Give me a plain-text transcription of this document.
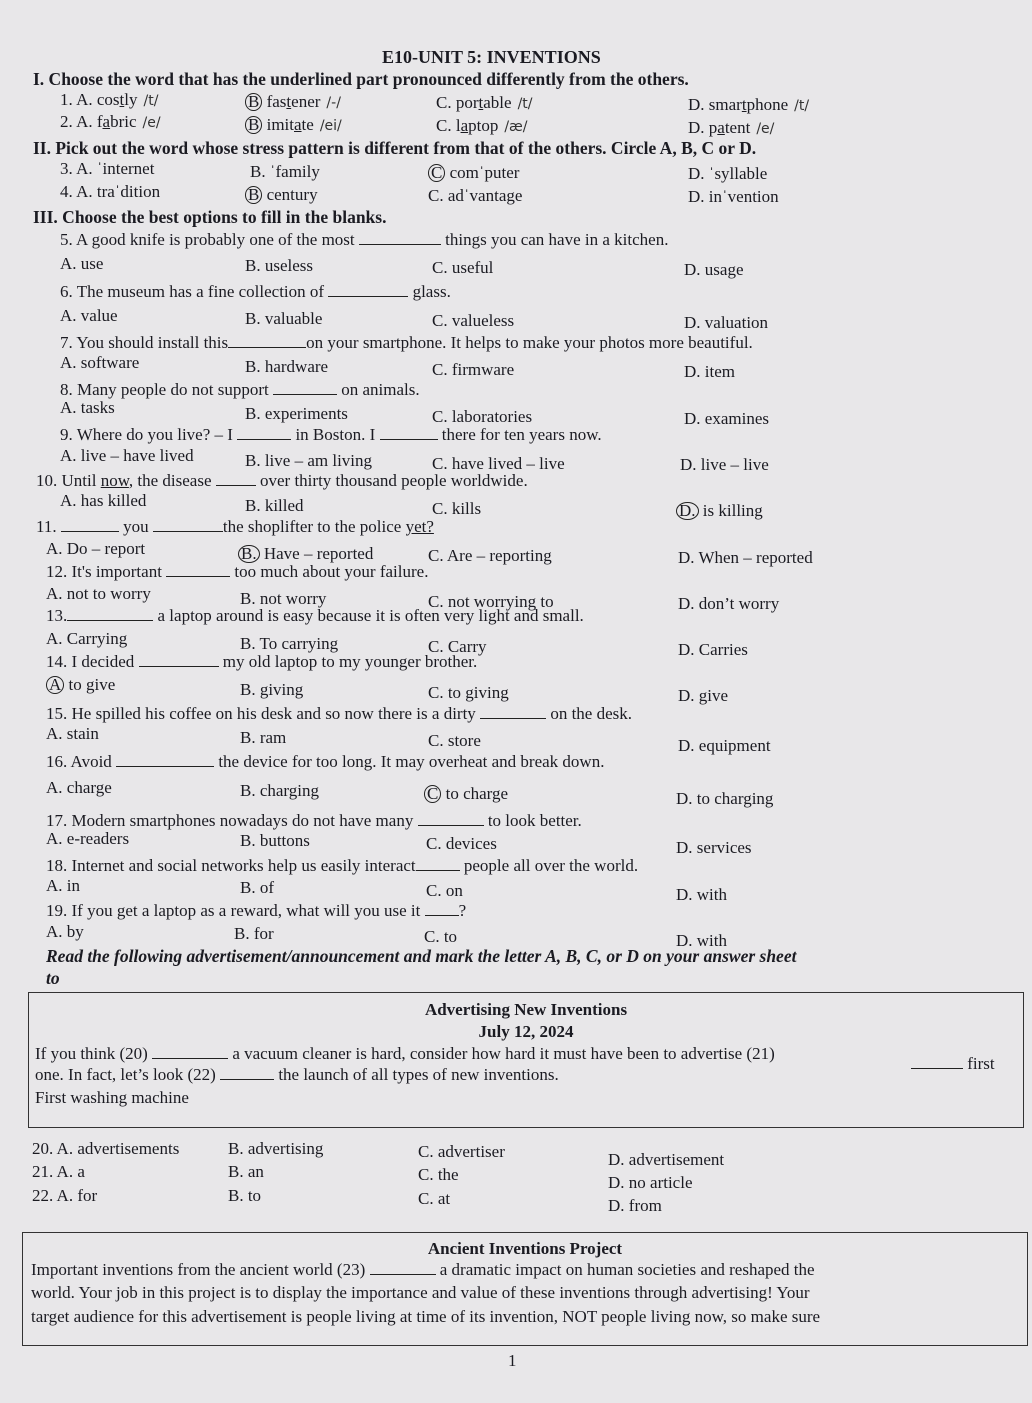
E10-UNIT 5: INVENTIONS
I. Choose the word that has the underlined part pronounced differently from the others.
1. A. costly /t/	B fastener /-/	C. portable /t/	D. smartphone /t/
2. A. fabric /e/	B imitate /ei/	C. laptop /æ/	D. patent /e/
II. Pick out the word whose stress pattern is different from that of the others. Circle A, B, C or D.
3. A. ˈinternet	B. ˈfamily	C comˈputer	D. ˈsyllable
4. A. traˈdition	B century	C. adˈvantage	D. inˈvention
III. Choose the best options to fill in the blanks.
5. A good knife is probably one of the most	things you can have in a kitchen.
A. use	B. useless	C. useful	D. usage
6. The museum has a fine collection of	glass.
A. value	B. valuable	C. valueless	D. valuation
7. You should install this	on your smartphone. It helps to make your photos more beautiful.
A. software	B. hardware	C. firmware	D. item
8. Many people do not support	on animals.
A. tasks	B. experiments	C. laboratories	D. examines
9. Where do you live? – I	in Boston. I	there for ten years now.
A. live – have lived	B. live – am living	C. have lived – live	D. live – live
10. Until now, the disease	over thirty thousand people worldwide.
A. has killed	B. killed	C. kills	D. is killing
11.	you	the shoplifter to the police yet?
A. Do – report	B. Have – reported	C. Are – reporting	D. When – reported
12. It's important	too much about your failure.
A. not to worry	B. not worry	C. not worrying to	D. don’t worry
13.	a laptop around is easy because it is often very light and small.
A. Carrying	B. To carrying	C. Carry	D. Carries
14. I decided	my old laptop to my younger brother.
A to give	B. giving	C. to giving	D. give
15. He spilled his coffee on his desk and so now there is a dirty	on the desk.
A. stain	B. ram	C. store	D. equipment
16. Avoid	the device for too long. It may overheat and break down.
A. charge	B. charging	C to charge	D. to charging
17. Modern smartphones nowadays do not have many	to look better.
A. e-readers	B. buttons	C. devices	D. services
18. Internet and social networks help us easily interact	people all over the world.
A. in	B. of	C. on	D. with
19. If you get a laptop as a reward, what will you use it ?
A. by	B. for	C. to	D. with
Read the following advertisement/announcement and mark the letter A, B, C, or D on your answer sheet
to
Advertising New Inventions
July 12, 2024
If you think (20)	a vacuum cleaner is hard, consider how hard it must have been to advertise (21)
first
one. In fact, let’s look (22)	the launch of all types of new inventions.
First washing machine
20. A. advertisements	B. advertising	C. advertiser	D. advertisement
21. A. a	B. an	C. the	D. no article
22. A. for	B. to	C. at	D. from
Ancient Inventions Project
Important inventions from the ancient world (23)	a dramatic impact on human societies and reshaped the
world. Your job in this project is to display the importance and value of these inventions through advertising! Your
target audience for this advertisement is people living at time of its invention, NOT people living now, so make sure
1
